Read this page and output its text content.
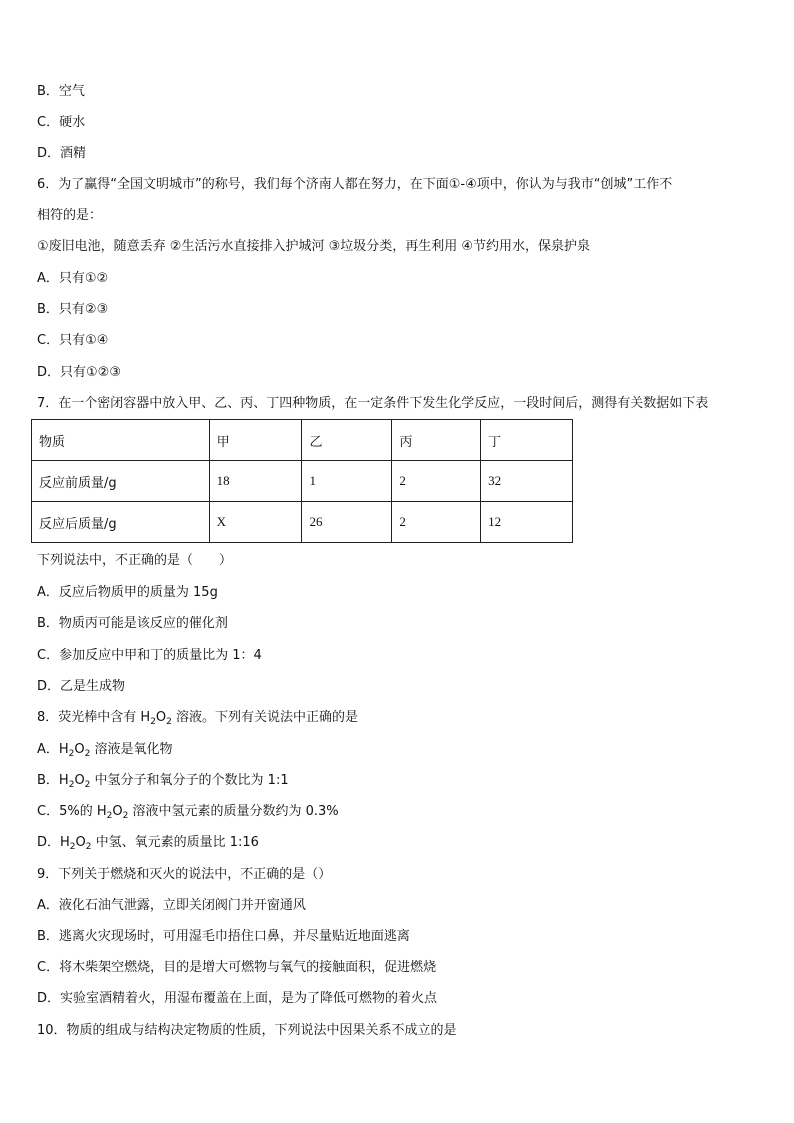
B．空气
C．硬水
D．酒精
6．为了赢得“全国文明城市”的称号，我们每个济南人都在努力，在下面①-④项中，你认为与我市“创城”工作不
相符的是：
①废旧电池，随意丢弃 ②生活污水直接排入护城河 ③垃圾分类，再生利用 ④节约用水，保泉护泉
A．只有①②
B．只有②③
C．只有①④
D．只有①②③
7．在一个密闭容器中放入甲、乙、丙、丁四种物质，在一定条件下发生化学反应，一段时间后，测得有关数据如下表
物质	甲	乙	丙	丁
反应前质量/g	18	1	2	32
反应后质量/g	X	26	2	12
下列说法中，不正确的是（　　）
A．反应后物质甲的质量为 15g
B．物质丙可能是该反应的催化剂
C．参加反应中甲和丁的质量比为 1：4
D．乙是生成物
8．荧光棒中含有 $H_2O_2$ 溶液。下列有关说法中正确的是
A．$H_2O_2$ 溶液是氧化物
B．$H_2O_2$ 中氢分子和氧分子的个数比为 1:1
C．5%的 $H_2O_2$ 溶液中氢元素的质量分数约为 0.3%
D．$H_2O_2$ 中氢、氧元素的质量比 1:16
9．下列关于燃烧和灭火的说法中，不正确的是（）
A．液化石油气泄露，立即关闭阀门并开窗通风
B．逃离火灾现场时，可用湿毛巾捂住口鼻，并尽量贴近地面逃离
C．将木柴架空燃烧，目的是增大可燃物与氧气的接触面积，促进燃烧
D．实验室酒精着火，用湿布覆盖在上面，是为了降低可燃物的着火点
10．物质的组成与结构决定物质的性质，下列说法中因果关系不成立的是
